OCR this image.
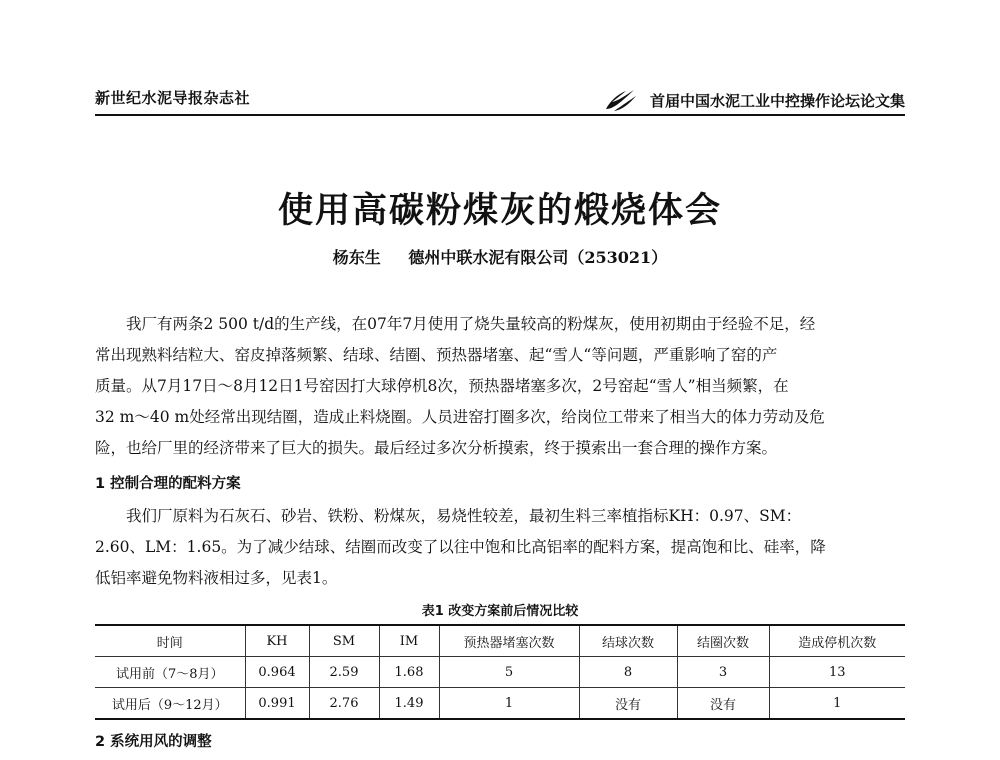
新世纪水泥导报杂志社	首届中国水泥工业中控操作论坛论文集
使用高碳粉煤灰的煅烧体会
杨东生 德州中联水泥有限公司（253021）
我厂有两条2 500 t/d的生产线，在07年7月使用了烧失量较高的粉煤灰，使用初期由于经验不足，经
常出现熟料结粒大、窑皮掉落频繁、结球、结圈、预热器堵塞、起“雪人“等问题，严重影响了窑的产
质量。从7月17日～8月12日1号窑因打大球停机8次，预热器堵塞多次，2号窑起“雪人”相当频繁，在
32 m～40 m处经常出现结圈，造成止料烧圈。人员进窑打圈多次，给岗位工带来了相当大的体力劳动及危
险，也给厂里的经济带来了巨大的损失。最后经过多次分析摸索，终于摸索出一套合理的操作方案。
1 控制合理的配料方案
我们厂原料为石灰石、砂岩、铁粉、粉煤灰，易烧性较差，最初生料三率植指标KH：0.97、SM：
2.60、LM：1.65。为了减少结球、结圈而改变了以往中饱和比高铝率的配料方案，提高饱和比、硅率，降
低铝率避免物料液相过多，见表1。
表1 改变方案前后情况比较
时间	KH	SM	IM	预热器堵塞次数	结球次数	结圈次数	造成停机次数
试用前（7～8月）	0.964	2.59	1.68	5	8	3	13
试用后（9～12月）	0.991	2.76	1.49	1	没有	没有	1
2 系统用风的调整
